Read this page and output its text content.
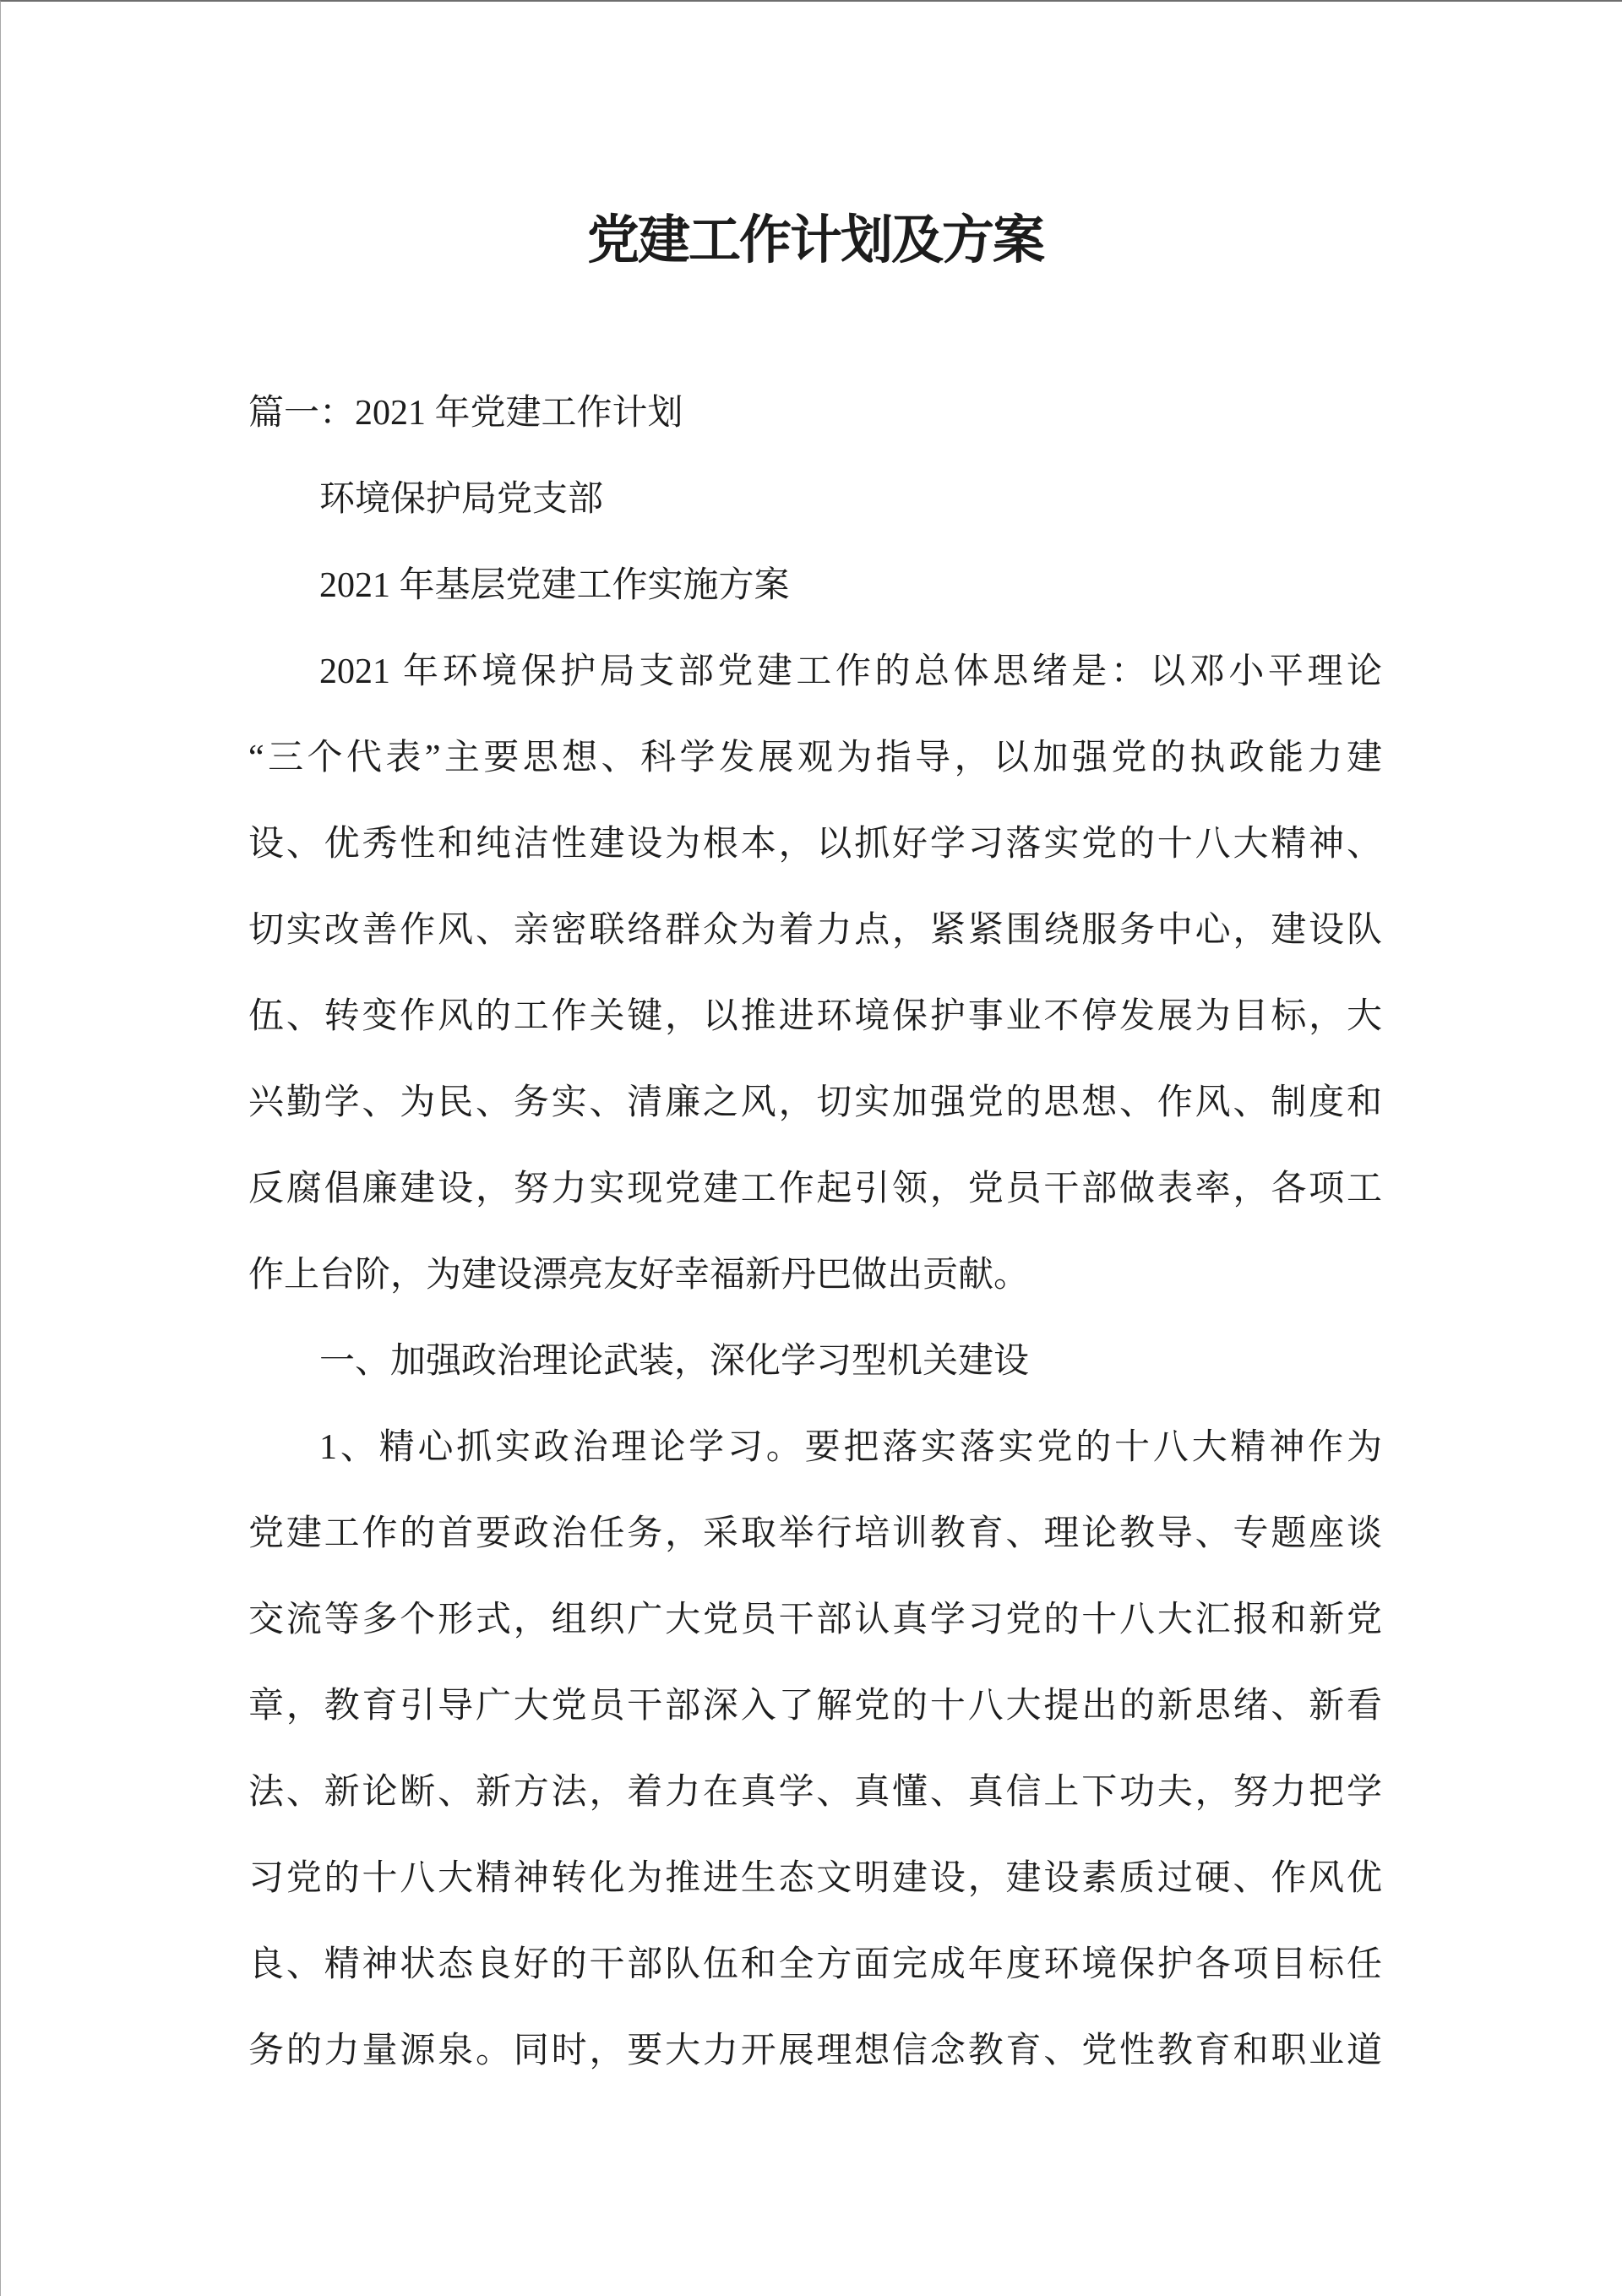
党建工作计划及方案
篇一：2021 年党建工作计划
环境保护局党支部
2021 年基层党建工作实施方案
2021 年环境保护局支部党建工作的总体思绪是：以邓小平理论
“三个代表”主要思想、科学发展观为指导，以加强党的执政能力建
设、优秀性和纯洁性建设为根本，以抓好学习落实党的十八大精神、
切实改善作风、亲密联络群众为着力点，紧紧围绕服务中心，建设队
伍、转变作风的工作关键，以推进环境保护事业不停发展为目标，大
兴勤学、为民、务实、清廉之风，切实加强党的思想、作风、制度和
反腐倡廉建设，努力实现党建工作起引领，党员干部做表率，各项工
作上台阶，为建设漂亮友好幸福新丹巴做出贡献。
一、加强政治理论武装，深化学习型机关建设
1、精心抓实政治理论学习。要把落实落实党的十八大精神作为
党建工作的首要政治任务，采取举行培训教育、理论教导、专题座谈
交流等多个形式，组织广大党员干部认真学习党的十八大汇报和新党
章，教育引导广大党员干部深入了解党的十八大提出的新思绪、新看
法、新论断、新方法，着力在真学、真懂、真信上下功夫，努力把学
习党的十八大精神转化为推进生态文明建设，建设素质过硬、作风优
良、精神状态良好的干部队伍和全方面完成年度环境保护各项目标任
务的力量源泉。同时，要大力开展理想信念教育、党性教育和职业道
